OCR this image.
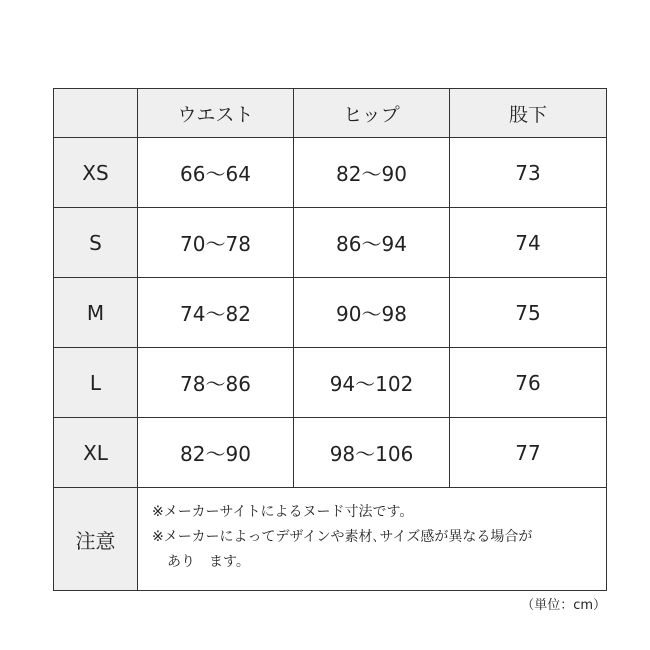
	ウエスト	ヒップ	股下
XS	66〜64	82〜90	73
S	70〜78	86〜94	74
M	74〜82	90〜98	75
L	78〜86	94〜102	76
XL	82〜90	98〜106	77
注意	※メーカーサイトによるヌード寸法です。
※メーカーによってデザインや素材､サイズ感が異なる場合が
あり　ます。		
（単位：cm）
